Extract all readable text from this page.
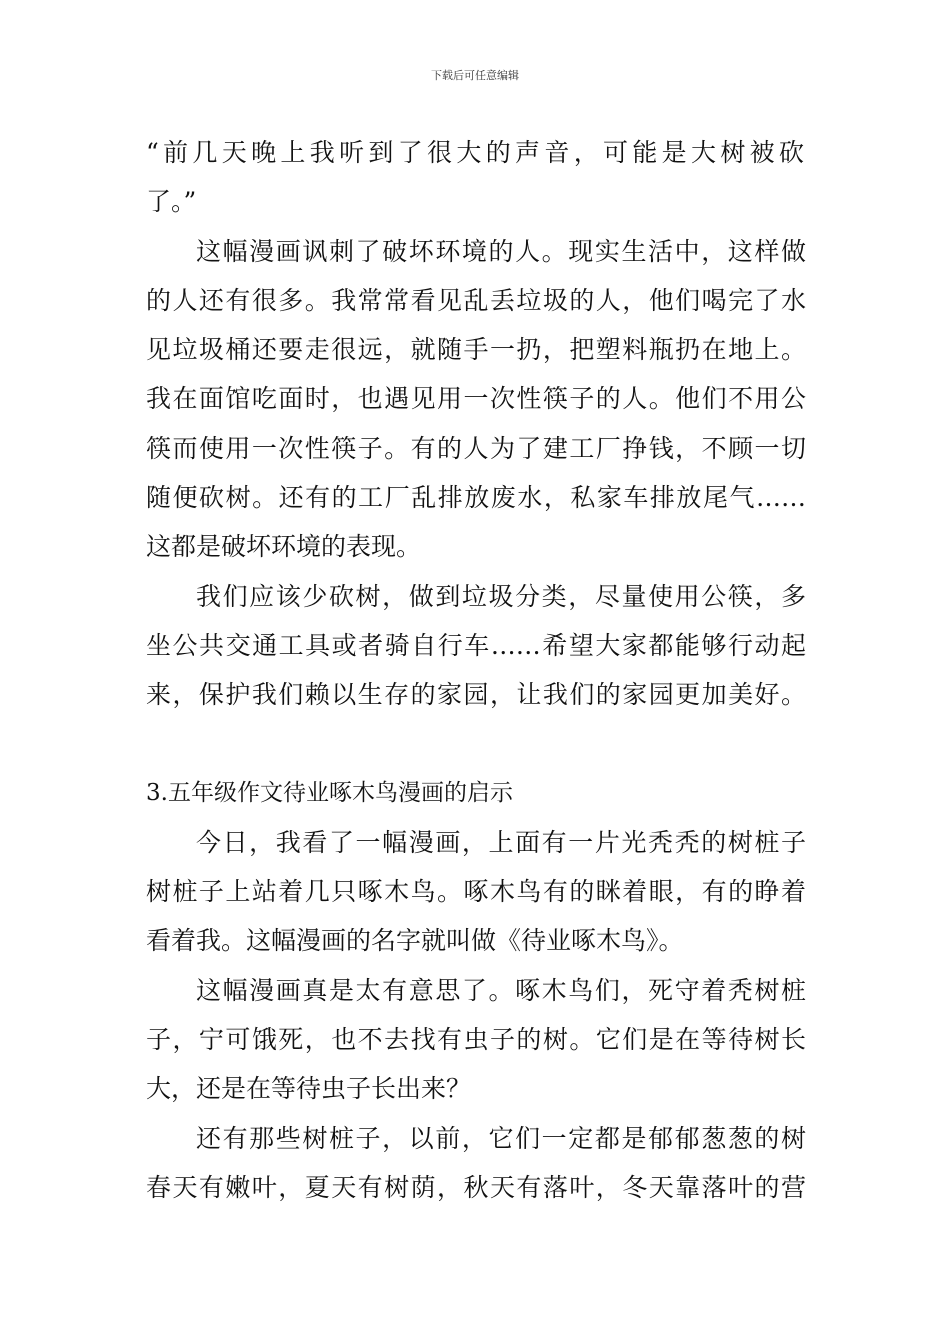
下载后可任意编辑
“前几天晚上我听到了很大的声音，可能是大树被砍
了。”
这幅漫画讽刺了破坏环境的人。现实生活中，这样做
的人还有很多。我常常看见乱丢垃圾的人，他们喝完了水
见垃圾桶还要走很远，就随手一扔，把塑料瓶扔在地上。
我在面馆吃面时，也遇见用一次性筷子的人。他们不用公
筷而使用一次性筷子。有的人为了建工厂挣钱，不顾一切
随便砍树。还有的工厂乱排放废水，私家车排放尾气……
这都是破坏环境的表现。
我们应该少砍树，做到垃圾分类，尽量使用公筷，多
坐公共交通工具或者骑自行车……希望大家都能够行动起
来，保护我们赖以生存的家园，让我们的家园更加美好。
3.五年级作文待业啄木鸟漫画的启示
今日，我看了一幅漫画，上面有一片光秃秃的树桩子
树桩子上站着几只啄木鸟。啄木鸟有的眯着眼，有的睁着
看着我。这幅漫画的名字就叫做《待业啄木鸟》。
这幅漫画真是太有意思了。啄木鸟们，死守着秃树桩
子，宁可饿死，也不去找有虫子的树。它们是在等待树长
大，还是在等待虫子长出来？
还有那些树桩子，以前，它们一定都是郁郁葱葱的树
春天有嫩叶，夏天有树荫，秋天有落叶，冬天靠落叶的营
